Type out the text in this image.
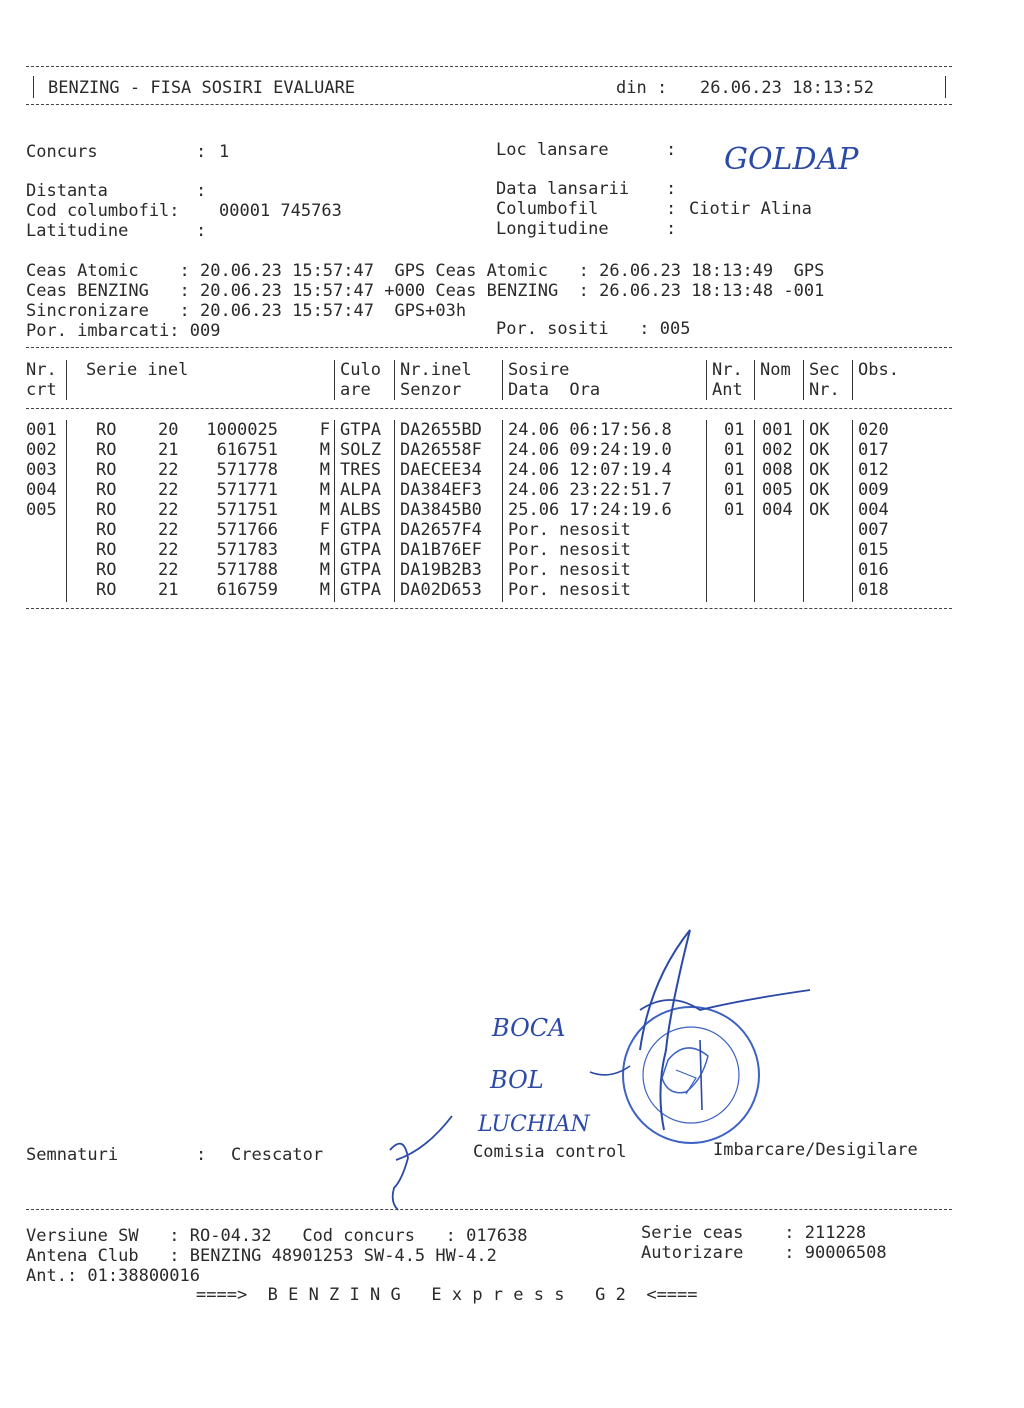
BENZING - FISA SOSIRI EVALUARE	din : 26.06.23 18:13:52
Concurs	: 1
Distanta	:
Cod columbofil: 00001 745763
Latitudine	:
Loc lansare	: GOLDAP
Data lansarii :
Columbofil	: Ciotir Alina
Longitudine	:
Ceas Atomic    : 20.06.23 15:57:47  GPS Ceas Atomic   : 26.06.23 18:13:49  GPS
Ceas BENZING   : 20.06.23 15:57:47 +000 Ceas BENZING  : 26.06.23 18:13:48 -001
Sincronizare   : 20.06.23 15:57:47  GPS+03h
Por. imbarcati: 009	Por. sositi   : 005
Nr.
crt
Serie inel	Culo
are
Nr.inel
Senzor
Sosire
Data  Ora
Nr.
Ant
Nom Sec
Nr.
Obs.
001	RO	20	1000025	F GTPA	DA2655BD	24.06 06:17:56.8	01	001 OK	020
002	RO	21	616751	M SOLZ	DA26558F	24.06 09:24:19.0	01	002 OK	017
003	RO	22	571778	M TRES	DAECEE34	24.06 12:07:19.4	01	008 OK	012
004	RO	22	571771	M ALPA	DA384EF3	24.06 23:22:51.7	01	005 OK	009
005	RO	22	571751	M ALBS	DA3845B0	25.06 17:24:19.6	01	004 OK	004
RO	22	571766	F GTPA	DA2657F4	Por. nesosit	007
RO	22	571783	M GTPA	DA1B76EF	Por. nesosit	015
RO	22	571788	M GTPA	DA19B2B3	Por. nesosit	016
RO	21	616759	M GTPA	DA02D653	Por. nesosit	018
Semnaturi	: Crescator	Comisia control	Imbarcare/Desigilare
BOCA
BOL
LUCHIAN
Versiune SW   : RO-04.32   Cod concurs   : 017638	Serie ceas    : 211228
Antena Club   : BENZING 48901253 SW-4.5 HW-4.2	Autorizare    : 90006508
Ant.: 01:38800016
====>  B E N Z I N G   E x p r e s s   G 2  <====
